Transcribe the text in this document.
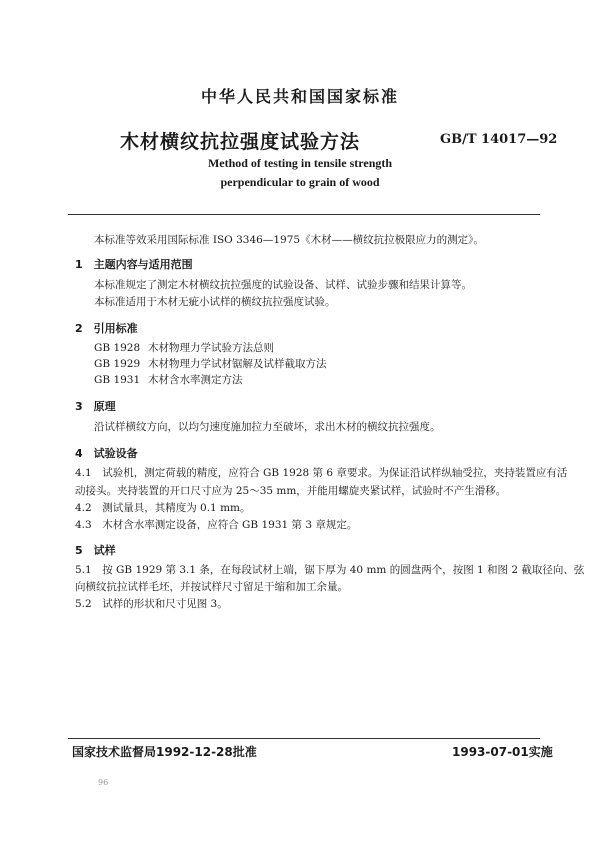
中华人民共和国国家标准
木材横纹抗拉强度试验方法	GB/T 14017—92
Method of testing in tensile strength
perpendicular to grain of wood
本标准等效采用国际标准 ISO 3346—1975《木材——横纹抗拉极限应力的测定》。
1　主题内容与适用范围
本标准规定了测定木材横纹抗拉强度的试验设备、试样、试验步骤和结果计算等。
本标准适用于木材无疵小试样的横纹抗拉强度试验。
2　引用标准
GB 1928 木材物理力学试验方法总则
GB 1929 木材物理力学试材锯解及试样截取方法
GB 1931 木材含水率测定方法
3　原理
沿试样横纹方向，以均匀速度施加拉力至破坏，求出木材的横纹抗拉强度。
4　试验设备
4.1　试验机，测定荷载的精度，应符合 GB 1928 第 6 章要求。为保证沿试样纵轴受拉，夹持装置应有活
动接头。夹持装置的开口尺寸应为 25～35 mm，并能用螺旋夹紧试样，试验时不产生滑移。
4.2　测试量具，其精度为 0.1 mm。
4.3　木材含水率测定设备，应符合 GB 1931 第 3 章规定。
5　试样
5.1　按 GB 1929 第 3.1 条，在每段试材上端，锯下厚为 40 mm 的圆盘两个，按图 1 和图 2 截取径向、弦
向横纹抗拉试样毛坯，并按试样尺寸留足干缩和加工余量。
5.2　试样的形状和尺寸见图 3。
国家技术监督局1992-12-28批准	1993-07-01实施
96
